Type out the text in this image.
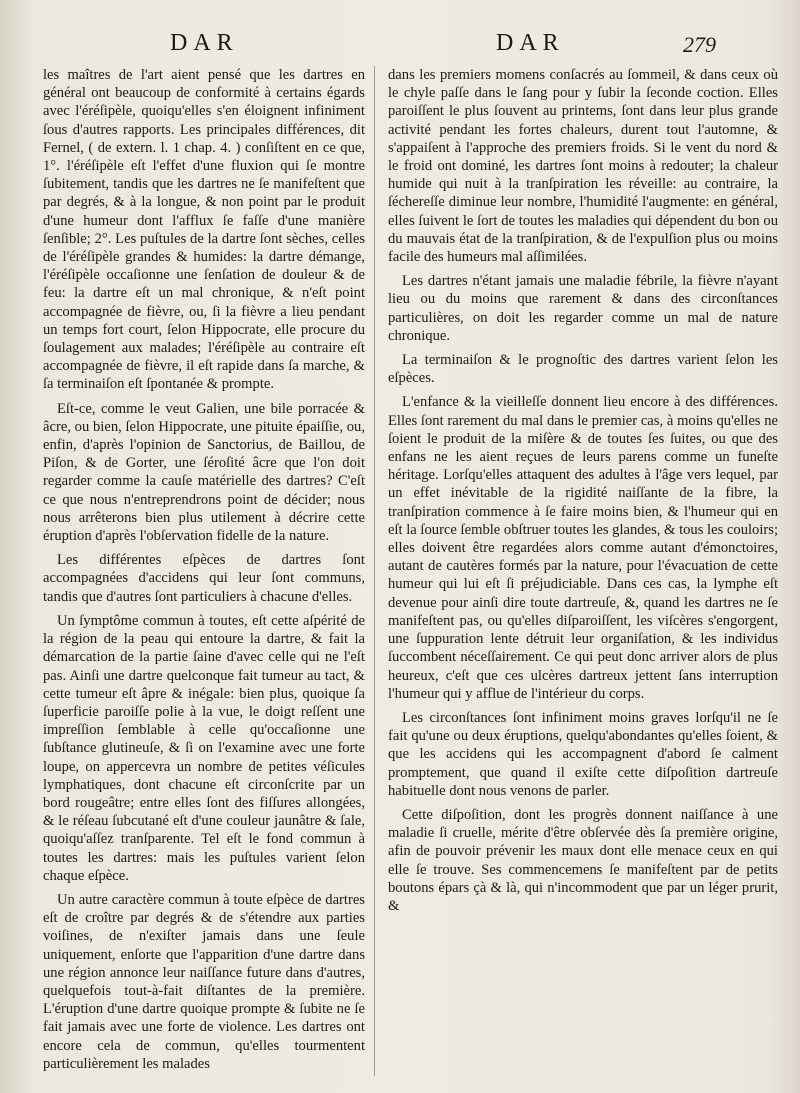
DAR	DAR	279

les maîtres de l'art aient pensé que les dartres en général ont beaucoup de conformité à certains égards avec l'éréſipèle, quoiqu'elles s'en éloignent infiniment ſous d'autres rapports. Les principales différences, dit Fernel, ( de extern. l. 1 chap. 4. ) conſiſtent en ce que, 1°. l'éréſipèle eſt l'effet d'une fluxion qui ſe montre ſubitement, tandis que les dartres ne ſe manifeſtent que par degrés, & à la longue, & non point par le produit d'une humeur dont l'afflux ſe faſſe d'une manière ſenſible; 2°. Les puſtules de la dartre ſont sèches, celles de l'éréſipèle grandes & humides: la dartre démange, l'éréſipèle occaſionne une ſenſation de douleur & de feu: la dartre eſt un mal chronique, & n'eſt point accompagnée de fièvre, ou, ſi la fièvre a lieu pendant un temps fort court, ſelon Hippocrate, elle procure du ſoulagement aux malades; l'éréſipèle au contraire eſt accompagnée de fièvre, il eſt rapide dans ſa marche, & ſa terminaiſon eſt ſpontanée & prompte.

Eſt-ce, comme le veut Galien, une bile porracée & âcre, ou bien, ſelon Hippocrate, une pituite épaiſſie, ou, enfin, d'après l'opinion de Sanctorius, de Baillou, de Piſon, & de Gorter, une ſéroſité âcre que l'on doit regarder comme la cauſe matérielle des dartres? C'eſt ce que nous n'entreprendrons point de décider; nous nous arrêterons bien plus utilement à décrire cette éruption d'après l'obſervation fidelle de la nature.

Les différentes eſpèces de dartres ſont accompagnées d'accidens qui leur ſont communs, tandis que d'autres ſont particuliers à chacune d'elles.

Un ſymptôme commun à toutes, eſt cette aſpérité de la région de la peau qui entoure la dartre, & fait la démarcation de la partie ſaine d'avec celle qui ne l'eſt pas. Ainſi une dartre quelconque fait tumeur au tact, & cette tumeur eſt âpre & inégale: bien plus, quoique ſa ſuperficie paroiſſe polie à la vue, le doigt reſſent une impreſſion ſemblable à celle qu'occaſionne une ſubſtance glutineuſe, & ſi on l'examine avec une forte loupe, on appercevra un nombre de petites véſicules lymphatiques, dont chacune eſt circonſcrite par un bord rougeâtre; entre elles ſont des fiſſures allongées, & le réſeau ſubcutané eſt d'une couleur jaunâtre & ſale, quoiqu'aſſez tranſparente. Tel eſt le fond commun à toutes les dartres: mais les puſtules varient ſelon chaque eſpèce.

Un autre caractère commun à toute eſpèce de dartres eſt de croître par degrés & de s'étendre aux parties voiſines, de n'exiſter jamais dans une ſeule uniquement, enſorte que l'apparition d'une dartre dans une région annonce leur naiſſance future dans d'autres, quelquefois tout-à-fait diſtantes de la première. L'éruption d'une dartre quoique prompte & ſubite ne ſe fait jamais avec une forte de violence. Les dartres ont encore cela de commun, qu'elles tourmentent particulièrement les malades

dans les premiers momens conſacrés au ſommeil, & dans ceux où le chyle paſſe dans le ſang pour y ſubir la ſeconde coction. Elles paroiſſent le plus ſouvent au printems, ſont dans leur plus grande activité pendant les fortes chaleurs, durent tout l'automne, & s'appaiſent à l'approche des premiers froids. Si le vent du nord & le froid ont dominé, les dartres ſont moins à redouter; la chaleur humide qui nuit à la tranſpiration les réveille: au contraire, la ſéchereſſe diminue leur nombre, l'humidité l'augmente: en général, elles ſuivent le ſort de toutes les maladies qui dépendent du bon ou du mauvais état de la tranſpiration, & de l'expulſion plus ou moins facile des humeurs mal aſſimilées.

Les dartres n'étant jamais une maladie fébrile, la fièvre n'ayant lieu ou du moins que rarement & dans des circonſtances particulières, on doit les regarder comme un mal de nature chronique.

La terminaiſon & le prognoſtic des dartres varient ſelon les eſpèces.

L'enfance & la vieilleſſe donnent lieu encore à des différences. Elles ſont rarement du mal dans le premier cas, à moins qu'elles ne ſoient le produit de la miſère & de toutes ſes ſuites, ou que des enfans ne les aient reçues de leurs parens comme un funeſte héritage. Lorſqu'elles attaquent des adultes à l'âge vers lequel, par un effet inévitable de la rigidité naiſſante de la fibre, la tranſpiration commence à ſe faire moins bien, & l'humeur qui en eſt la ſource ſemble obſtruer toutes les glandes, & tous les couloirs; elles doivent être regardées alors comme autant d'émonctoires, autant de cautères formés par la nature, pour l'évacuation de cette humeur qui lui eſt ſi préjudiciable. Dans ces cas, la lymphe eſt devenue pour ainſi dire toute dartreuſe, &, quand les dartres ne ſe manifeſtent pas, ou qu'elles diſparoiſſent, les viſcères s'engorgent, une ſuppuration lente détruit leur organiſation, & les individus ſuccombent néceſſairement. Ce qui peut donc arriver alors de plus heureux, c'eſt que ces ulcères dartreux jettent ſans interruption l'humeur qui y afflue de l'intérieur du corps.

Les circonſtances ſont infiniment moins graves lorſqu'il ne ſe fait qu'une ou deux éruptions, quelqu'abondantes qu'elles ſoient, & que les accidens qui les accompagnent d'abord ſe calment promptement, que quand il exiſte cette diſpoſition dartreuſe habituelle dont nous venons de parler.

Cette diſpoſition, dont les progrès donnent naiſſance à une maladie ſi cruelle, mérite d'être obſervée dès ſa première origine, afin de pouvoir prévenir les maux dont elle menace ceux en qui elle ſe trouve. Ses commencemens ſe manifeſtent par de petits boutons épars çà & là, qui n'incommodent que par un léger prurit, &
